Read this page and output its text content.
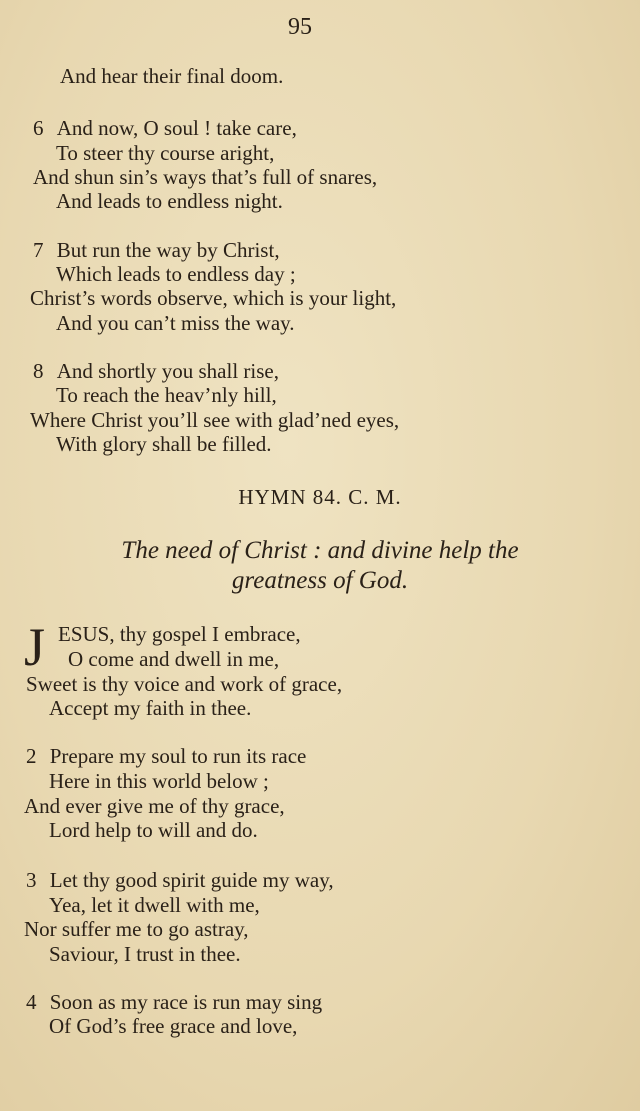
95
And hear their final doom.
6 And now, O soul ! take care,
To steer thy course aright,
And shun sin’s ways that’s full of snares,
And leads to endless night.
7 But run the way by Christ,
Which leads to endless day ;
Christ’s words observe, which is your light,
And you can’t miss the way.
8 And shortly you shall rise,
To reach the heav’nly hill,
Where Christ you’ll see with glad’ned eyes,
With glory shall be filled.
HYMN 84. C. M.
The need of Christ : and divine help the
greatness of God.
J ESUS, thy gospel I embrace,
O come and dwell in me,
Sweet is thy voice and work of grace,
Accept my faith in thee.
2 Prepare my soul to run its race
Here in this world below ;
And ever give me of thy grace,
Lord help to will and do.
3 Let thy good spirit guide my way,
Yea, let it dwell with me,
Nor suffer me to go astray,
Saviour, I trust in thee.
4 Soon as my race is run may sing
Of God’s free grace and love,
